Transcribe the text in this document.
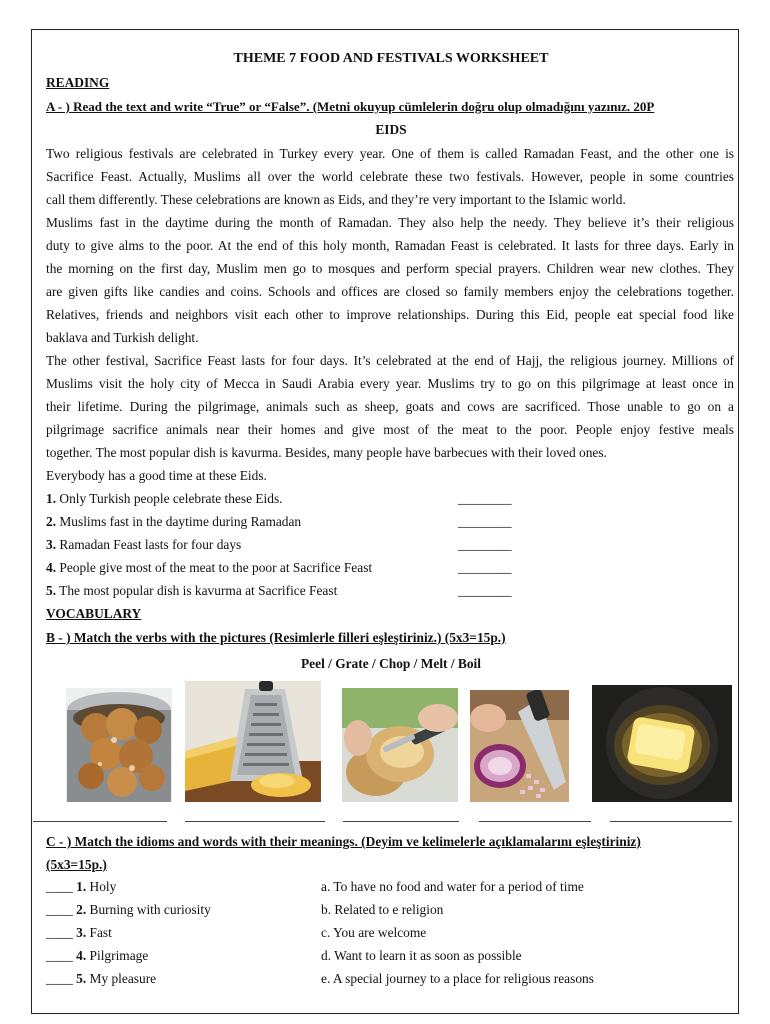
THEME 7 FOOD AND FESTIVALS WORKSHEET
READING
A - ) Read the text and write “True” or “False”. (Metni okuyup cümlelerin doğru olup olmadığını yazınız. 20P
EIDS
Two religious festivals are celebrated in Turkey every year. One of them is called Ramadan Feast, and the other one is
Sacrifice Feast. Actually, Muslims all over the world celebrate these two festivals. However, people in some countries
call them differently. These celebrations are known as Eids, and they’re very important to the Islamic world.
Muslims fast in the daytime during the month of Ramadan. They also help the needy. They believe it’s their religious
duty to give alms to the poor. At the end of this holy month, Ramadan Feast is celebrated. It lasts for three days. Early in
the morning on the first day, Muslim men go to mosques and perform special prayers. Children wear new clothes. They
are given gifts like candies and coins. Schools and offices are closed so family members enjoy the celebrations together.
Relatives, friends and neighbors visit each other to improve relationships. During this Eid, people eat special food like
baklava and Turkish delight.
The other festival, Sacrifice Feast lasts for four days. It’s celebrated at the end of Hajj, the religious journey. Millions of
Muslims visit the holy city of Mecca in Saudi Arabia every year. Muslims try to go on this pilgrimage at least once in
their lifetime. During the pilgrimage, animals such as sheep, goats and cows are sacrificed. Those unable to go on a
pilgrimage sacrifice animals near their homes and give most of the meat to the poor. People enjoy festive meals
together. The most popular dish is kavurma. Besides, many people have barbecues with their loved ones.
Everybody has a good time at these Eids.
1. Only Turkish people celebrate these Eids.	________
2. Muslims fast in the daytime during Ramadan	________
3. Ramadan Feast lasts for four days	________
4. People give most of the meat to the poor at Sacrifice Feast	________
5. The most popular dish is kavurma at Sacrifice Feast	________
VOCABULARY
B - ) Match the verbs with the pictures (Resimlerle filleri eşleştiriniz.) (5x3=15p.)
Peel / Grate / Chop / Melt / Boil
C - ) Match the idioms and words with their meanings. (Deyim ve kelimelerle açıklamalarını eşleştiriniz)
(5x3=15p.)
____ 1. Holy	a. To have no food and water for a period of time
____ 2. Burning with curiosity	b. Related to e religion
____ 3. Fast	c. You are welcome
____ 4. Pilgrimage	d. Want to learn it as soon as possible
____ 5. My pleasure	e. A special journey to a place for religious reasons
